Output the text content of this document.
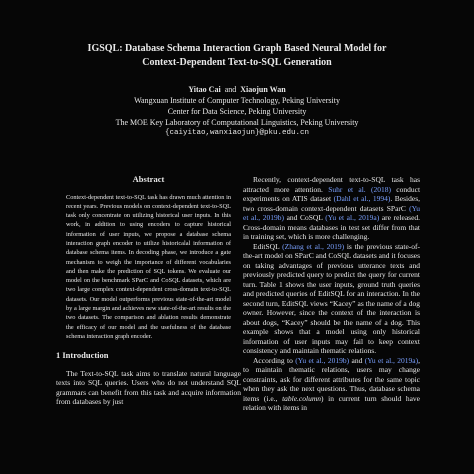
IGSQL: Database Schema Interaction Graph Based Neural Model for
Context-Dependent Text-to-SQL Generation
Yitao Cai and Xiaojun Wan
Wangxuan Institute of Computer Technology, Peking University
Center for Data Science, Peking University
The MOE Key Laboratory of Computational Linguistics, Peking University
{caiyitao,wanxiaojun}@pku.edu.cn
Abstract

Context-dependent text-to-SQL task has drawn much attention in recent years. Previous models on context-dependent text-to-SQL task only concentrate on utilizing historical user inputs. In this work, in addition to using encoders to capture historical information of user inputs, we propose a database schema interaction graph encoder to utilize historicalal information of database schema items. In decoding phase, we introduce a gate mechanism to weigh the importance of different vocabularies and then make the prediction of SQL tokens. We evaluate our model on the benchmark SParC and CoSQL datasets, which are two large complex context-dependent cross-domain text-to-SQL datasets. Our model outperforms previous state-of-the-art model by a large margin and achieves new state-of-the-art results on the two datasets. The comparison and ablation results demonstrate the efficacy of our model and the usefulness of the database schema interaction graph encoder.

1 Introduction

The Text-to-SQL task aims to translate natural language texts into SQL queries. Users who do not understand SQL grammars can benefit from this task and acquire information from databases by just

Recently, context-dependent text-to-SQL task has attracted more attention. Suhr et al. (2018) conduct experiments on ATIS dataset (Dahl et al., 1994). Besides, two cross-domain context-dependent datasets SParC (Yu et al., 2019b) and CoSQL (Yu et al., 2019a) are released. Cross-domain means databases in test set differ from that in training set, which is more challenging.

EditSQL (Zhang et al., 2019) is the previous state-of-the-art model on SParC and CoSQL datasets and it focuses on taking advantages of previous utterance texts and previously predicted query to predict the query for current turn. Table 1 shows the user inputs, ground truth queries and predicted queries of EditSQL for an interaction. In the second turn, EditSQL views “Kacey” as the name of a dog owner. However, since the context of the interaction is about dogs, “Kacey” should be the name of a dog. This example shows that a model using only historical information of user inputs may fail to keep context consistency and maintain thematic relations.

According to (Yu et al., 2019b) and (Yu et al., 2019a), to maintain thematic relations, users may change constraints, ask for different attributes for the same topic when they ask the next questions. Thus, database schema items (i.e., table.column) in current turn should have relation with items in
